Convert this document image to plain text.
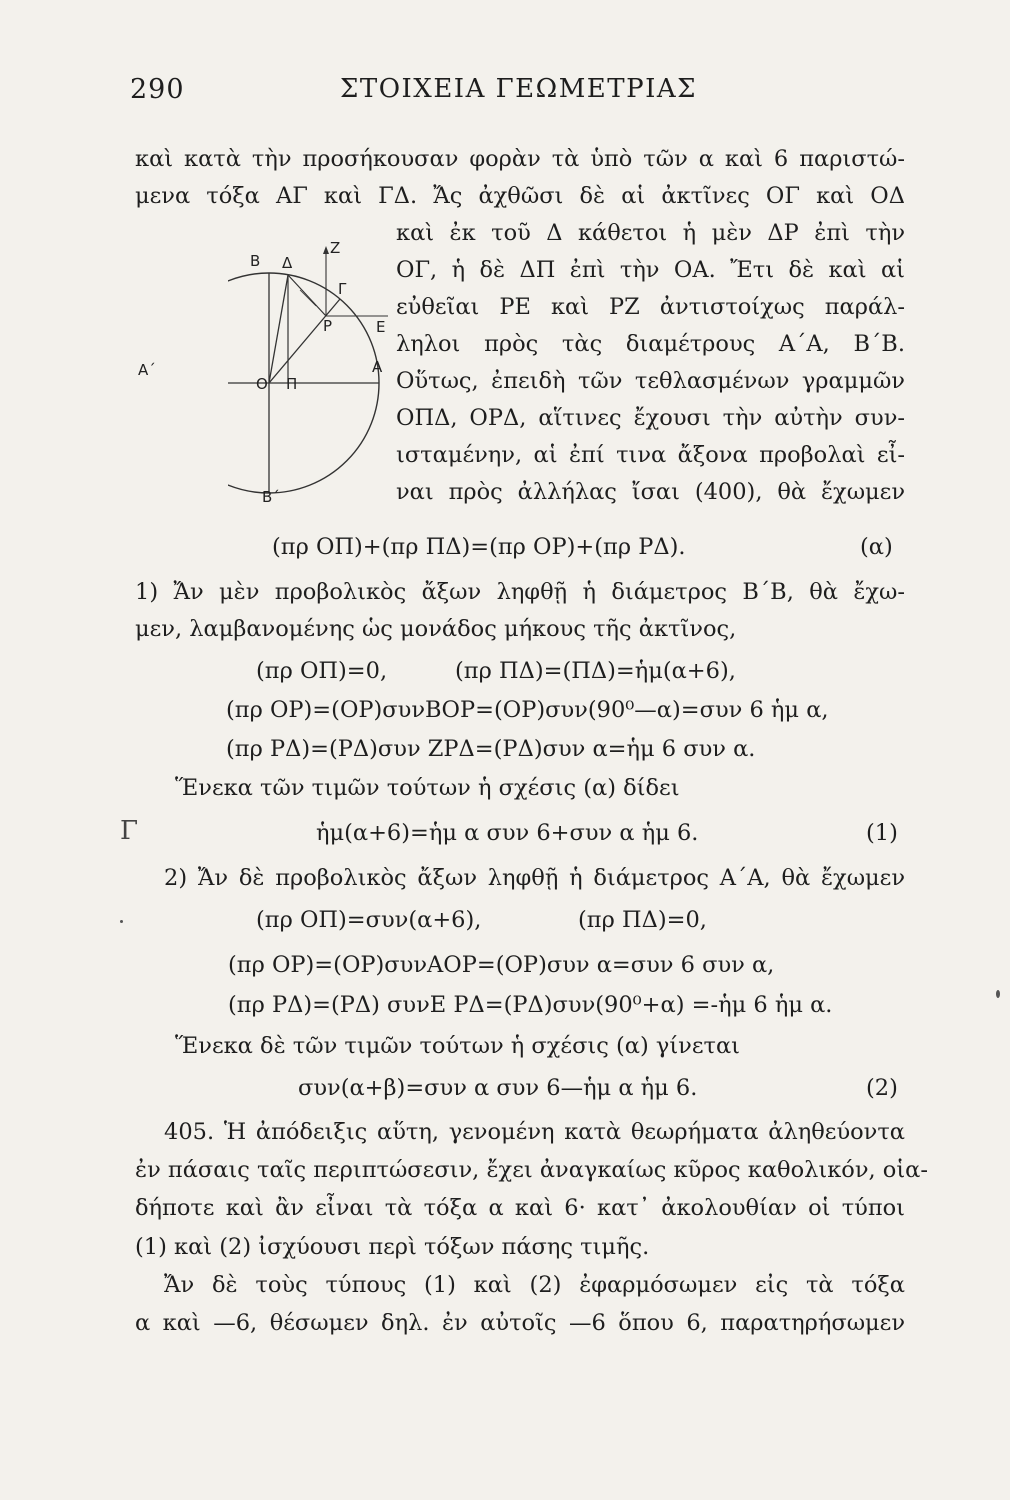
290	ΣΤΟΙΧΕΙΑ ΓΕΩΜΕΤΡΙΑΣ
καὶ κατὰ τὴν προσήκουσαν φορὰν τὰ ὑπὸ τῶν α καὶ 6 παριστώ-
μενα τόξα ΑΓ καὶ ΓΔ. Ἄς ἀχθῶσι δὲ αἱ ἀκτῖνες ΟΓ καὶ ΟΔ
καὶ ἐκ τοῦ Δ κάθετοι ἡ μὲν ΔΡ ἐπὶ τὴν
ΟΓ, ἡ δὲ ΔΠ ἐπὶ τὴν ΟΑ. Ἔτι δὲ καὶ αἱ
εὐθεῖαι ΡΕ καὶ ΡΖ ἀντιστοίχως παράλ-
ληλοι πρὸς τὰς διαμέτρους Α΄Α, Β΄Β.
Οὕτως, ἐπειδὴ τῶν τεθλασμένων γραμμῶν
ΟΠΔ, ΟΡΔ, αἵτινες ἔχουσι τὴν αὐτὴν συν-
ισταμένην, αἱ ἐπί τινα ἄξονα προβολαὶ εἶ-
ναι πρὸς ἀλλήλας ἴσαι (400), θὰ ἔχωμεν
Β Δ
Ζ
Γ
Ρ	Ε
Α
Ο Π
Β΄
Α΄
(πρ ΟΠ)+(πρ ΠΔ)=(πρ ΟΡ)+(πρ ΡΔ).	(α)
1) Ἄν μὲν προβολικὸς ἄξων ληφθῇ ἡ διάμετρος Β΄Β, θὰ ἔχω-
μεν, λαμβανομένης ὡς μονάδος μήκους τῆς ἀκτῖνος,
(πρ ΟΠ)=0,	(πρ ΠΔ)=(ΠΔ)=ἡμ(α+6),
(πρ ΟΡ)=(ΟΡ)συνΒΟΡ=(ΟΡ)συν(90⁰—α)=συν 6 ἡμ α,
(πρ ΡΔ)=(ΡΔ)συν ΖΡΔ=(ΡΔ)συν α=ἡμ 6 συν α.
Ἕνεκα τῶν τιμῶν τούτων ἡ σχέσις (α) δίδει
ἡμ(α+6)=ἡμ α συν 6+συν α ἡμ 6.	(1)
2) Ἄν δὲ προβολικὸς ἄξων ληφθῇ ἡ διάμετρος Α΄Α, θὰ ἔχωμεν
(πρ ΟΠ)=συν(α+6),	(πρ ΠΔ)=0,
(πρ ΟΡ)=(ΟΡ)συνΑΟΡ=(ΟΡ)συν α=συν 6 συν α,
(πρ ΡΔ)=(ΡΔ) συνΕ ΡΔ=(ΡΔ)συν(90⁰+α) =-ἡμ 6 ἡμ α.
Ἕνεκα δὲ τῶν τιμῶν τούτων ἡ σχέσις (α) γίνεται
συν(α+β)=συν α συν 6—ἡμ α ἡμ 6.	(2)
405. Ἡ ἀπόδειξις αὕτη, γενομένη κατὰ θεωρήματα ἀληθεύοντα
ἐν πάσαις ταῖς περιπτώσεσιν, ἔχει ἀναγκαίως κῦρος καθολικόν, οἱα-
δήποτε καὶ ἂν εἶναι τὰ τόξα α καὶ 6· κατ᾽ ἀκολουθίαν οἱ τύποι
(1) καὶ (2) ἰσχύουσι περὶ τόξων πάσης τιμῆς.
Ἄν δὲ τοὺς τύπους (1) καὶ (2) ἐφαρμόσωμεν εἰς τὰ τόξα
α καὶ —6, θέσωμεν δηλ. ἐν αὐτοῖς —6 ὅπου 6, παρατηρήσωμεν
Γ
